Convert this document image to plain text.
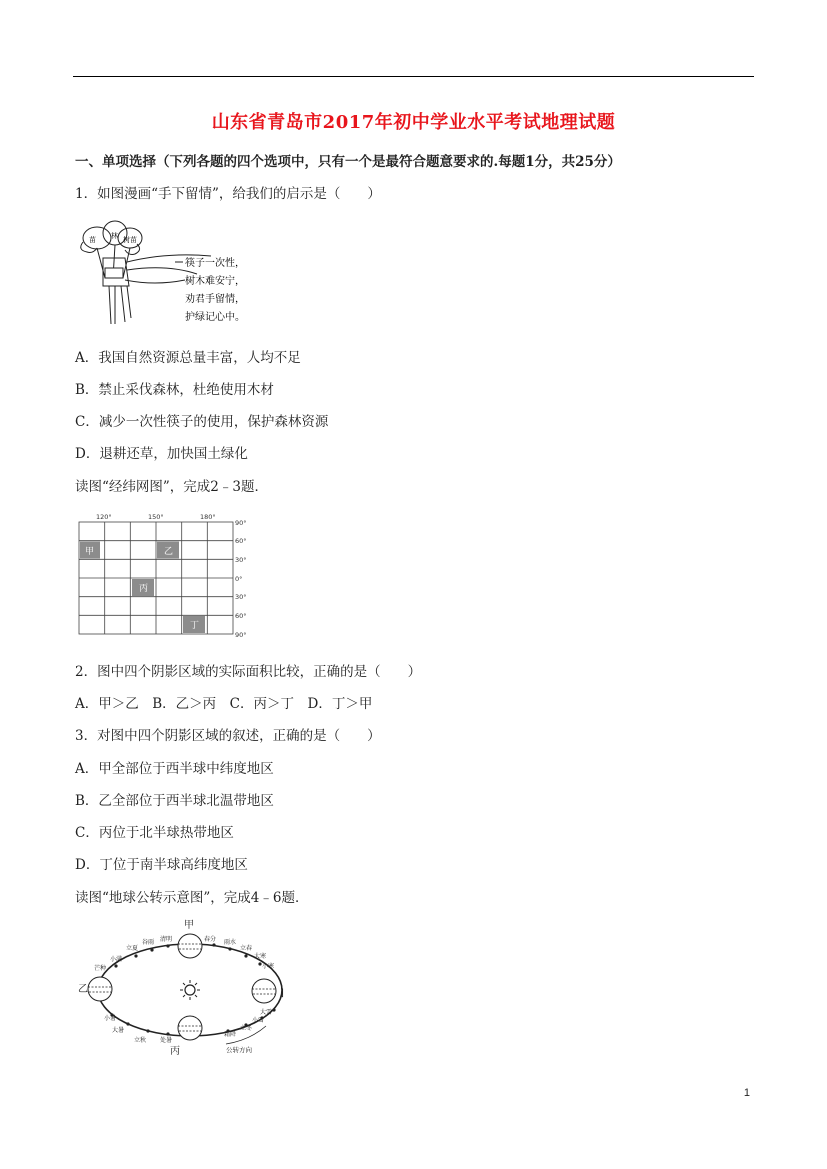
山东省青岛市2017年初中学业水平考试地理试题
一、单项选择（下列各题的四个选项中，只有一个是最符合题意要求的.每题1分，共25分）
1．如图漫画“手下留情”，给我们的启示是（　　）
苗 林 树苗
筷子一次性，
树木难安宁，
劝君手留情，
护绿记心中。
A．我国自然资源总量丰富，人均不足
B．禁止采伐森林，杜绝使用木材
C．减少一次性筷子的使用，保护森林资源
D．退耕还草，加快国土绿化
读图“经纬网图”，完成2﹣3题．
甲	乙
丙
丁
120°	150°	180°
90°
60°
30°
0°
30°
60°
90°
2．图中四个阴影区域的实际面积比较，正确的是（　　）
A．甲＞乙　B．乙＞丙　C．丙＞丁　D．丁＞甲
3．对图中四个阴影区域的叙述，正确的是（　　）
A．甲全部位于西半球中纬度地区
B．乙全部位于西半球北温带地区
C．丙位于北半球热带地区
D．丁位于南半球高纬度地区
读图“地球公转示意图”，完成4﹣6题．
立夏
谷雨 清明	春分 雨水
立春
大寒
小寒
大雪
小雪
立冬
霜降
处暑
立秋
大暑
小暑
芒种
小满
甲
乙
丙
]
公转方向
1
